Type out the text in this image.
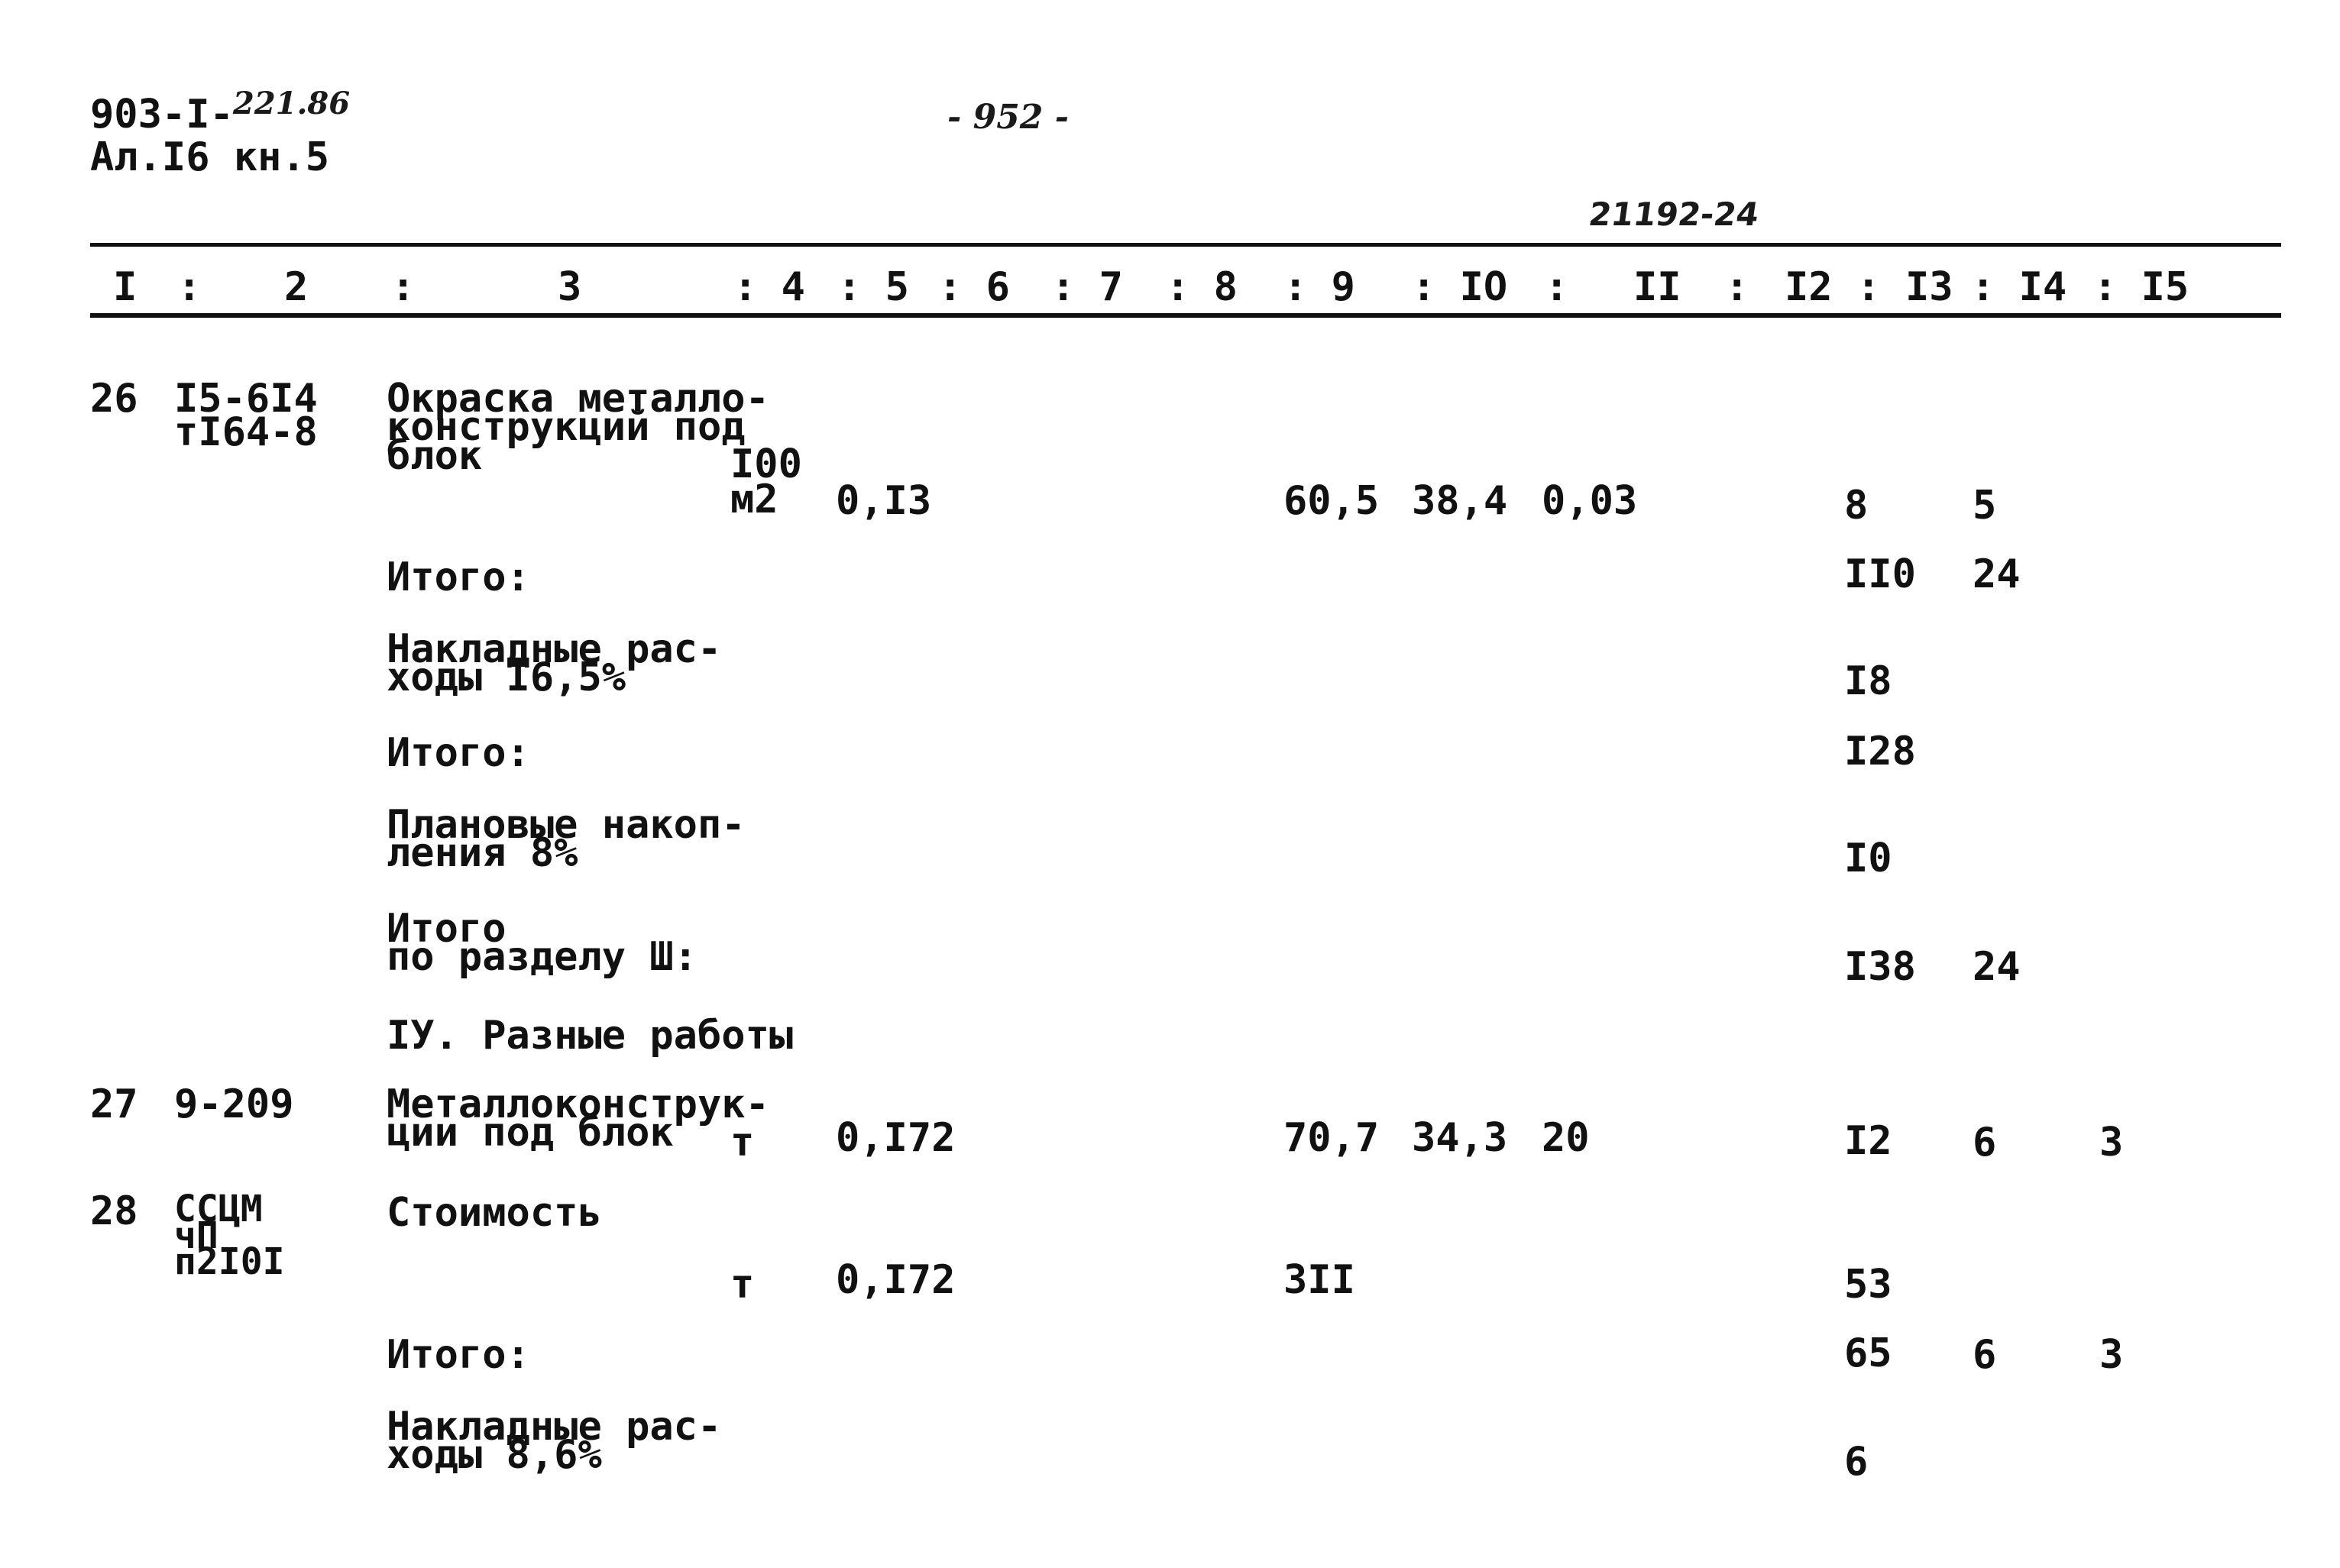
903-I- 221.86
Ал.I6 кн.5
- 952 -
21192-24
I : 2 :	3	: 4 : 5 : 6 : 7 : 8 : 9 : IO : II : I2 : I3 : I4 : I5
26 I5-6I4
тI64-8
Окраска металло-
конструкций под
блок	I00
м2 0,I3	60,5 38,4 0,03	8	5
Итого:	II0 24
Накладные рас-
ходы I6,5%	I8
Итого:	I28
Плановые накоп-
ления 8%	I0
Итого
по разделу Ш:	I38 24
IУ. Разные работы
27 9-209 Металлоконструк-
ции под блок	т 0,I72	70,7 34,3 20	I2 6	3
28 ССЦМ
чП
п2I0I
Стоимость
т 0,I72	3II	53
Итого:	65 6	3
Накладные рас-
ходы 8,6%	6
